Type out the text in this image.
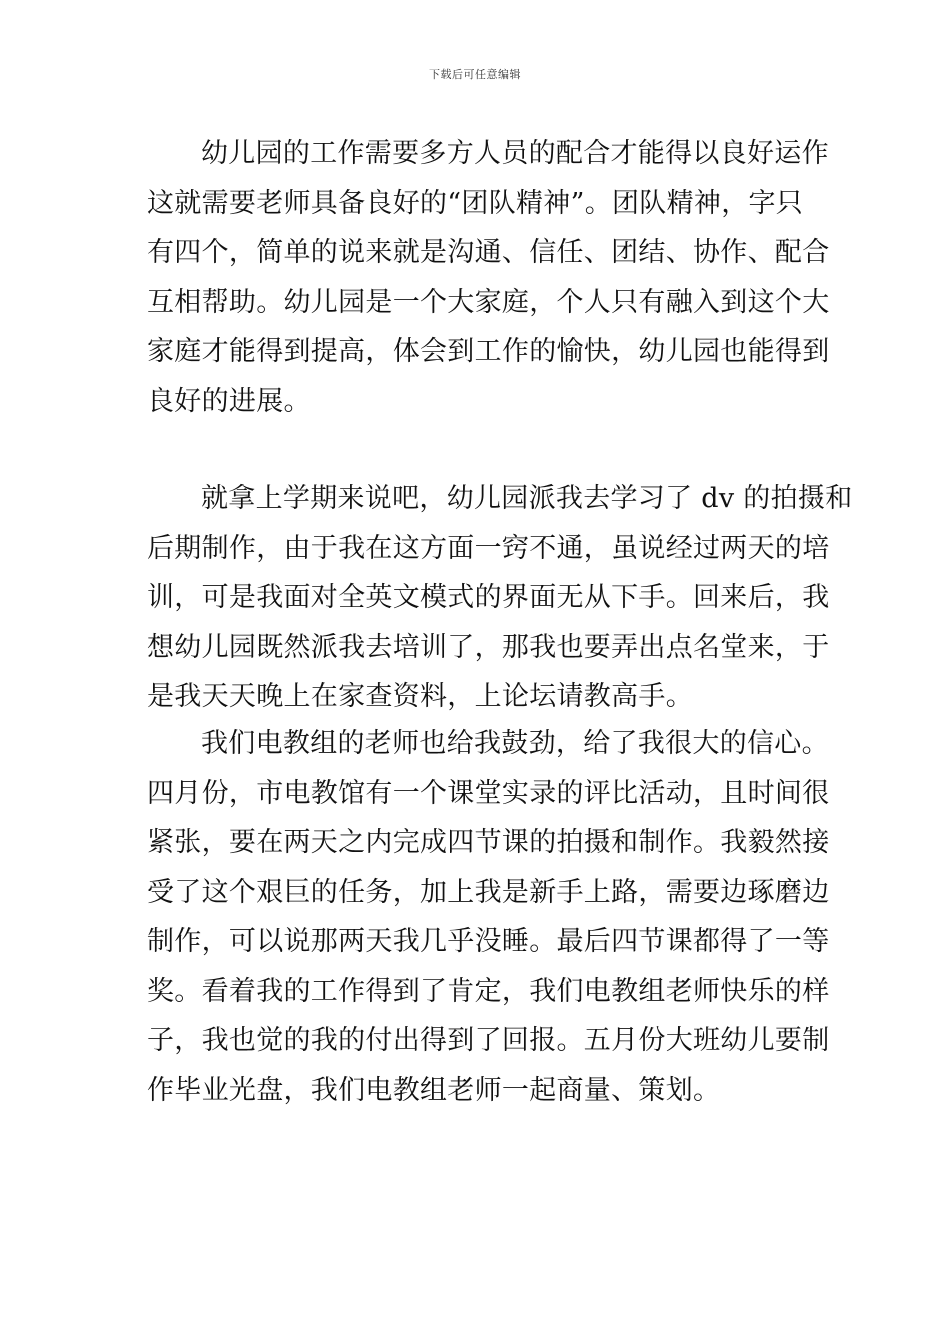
下载后可任意编辑

幼儿园的工作需要多方人员的配合才能得以良好运作
这就需要老师具备良好的“团队精神”。团队精神，字只
有四个，简单的说来就是沟通、信任、团结、协作、配合
互相帮助。幼儿园是一个大家庭，个人只有融入到这个大
家庭才能得到提高，体会到工作的愉快，幼儿园也能得到
良好的进展。

就拿上学期来说吧，幼儿园派我去学习了 dv 的拍摄和
后期制作，由于我在这方面一窍不通，虽说经过两天的培
训，可是我面对全英文模式的界面无从下手。回来后，我
想幼儿园既然派我去培训了，那我也要弄出点名堂来，于
是我天天晚上在家查资料，上论坛请教高手。

我们电教组的老师也给我鼓劲，给了我很大的信心。
四月份，市电教馆有一个课堂实录的评比活动，且时间很
紧张，要在两天之内完成四节课的拍摄和制作。我毅然接
受了这个艰巨的任务，加上我是新手上路，需要边琢磨边
制作，可以说那两天我几乎没睡。最后四节课都得了一等
奖。看着我的工作得到了肯定，我们电教组老师快乐的样
子，我也觉的我的付出得到了回报。五月份大班幼儿要制
作毕业光盘，我们电教组老师一起商量、策划。
